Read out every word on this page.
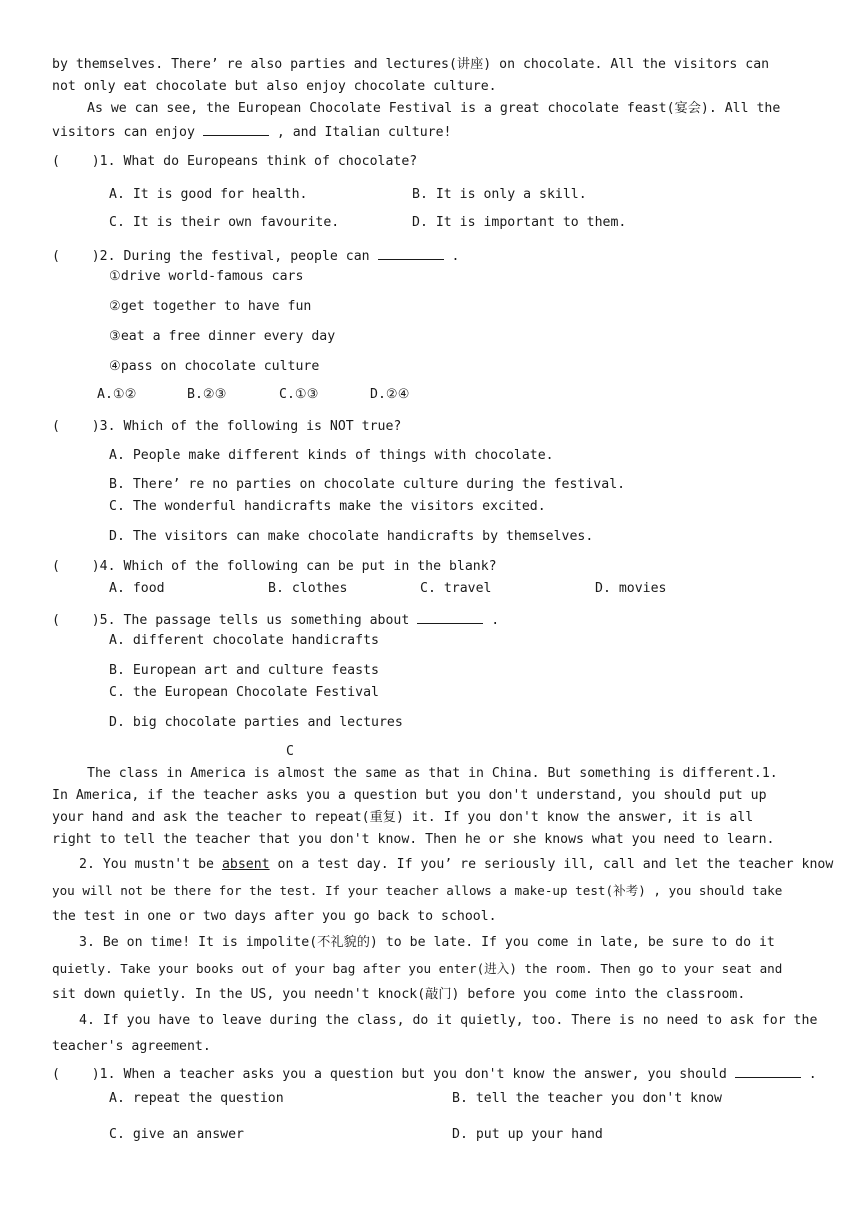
by themselves. There’ re also parties and lectures(讲座) on chocolate. All the visitors can
not only eat chocolate but also enjoy chocolate culture.
As we can see, the European Chocolate Festival is a great chocolate feast(宴会). All the
visitors can enjoy	, and Italian culture!
(    )1. What do Europeans think of chocolate?
A. It is good for health.	B. It is only a skill.
C. It is their own favourite.	D. It is important to them.
(    )2. During the festival, people can	.
①drive world-famous cars
②get together to have fun
③eat a free dinner every day
④pass on chocolate culture
A.①②	B.②③	C.①③	D.②④
(    )3. Which of the following is NOT true?
A. People make different kinds of things with chocolate.
B. There’ re no parties on chocolate culture during the festival.
C. The wonderful handicrafts make the visitors excited.
D. The visitors can make chocolate handicrafts by themselves.
(    )4. Which of the following can be put in the blank?
A. food	B. clothes	C. travel	D. movies
(    )5. The passage tells us something about	.
A. different chocolate handicrafts
B. European art and culture feasts
C. the European Chocolate Festival
D. big chocolate parties and lectures
C
The class in America is almost the same as that in China. But something is different.1.
In America, if the teacher asks you a question but you don't understand, you should put up
your hand and ask the teacher to repeat(重复) it. If you don't know the answer, it is all
right to tell the teacher that you don't know. Then he or she knows what you need to learn.
2. You mustn't be absent on a test day. If you’ re seriously ill, call and let the teacher know
you will not be there for the test. If your teacher allows a make-up test(补考) , you should take
the test in one or two days after you go back to school.
3. Be on time! It is impolite(不礼貌的) to be late. If you come in late, be sure to do it
quietly. Take your books out of your bag after you enter(进入) the room. Then go to your seat and
sit down quietly. In the US, you needn't knock(敲门) before you come into the classroom.
4. If you have to leave during the class, do it quietly, too. There is no need to ask for the
teacher's agreement.
(    )1. When a teacher asks you a question but you don't know the answer, you should	.
A. repeat the question	B. tell the teacher you don't know
C. give an answer	D. put up your hand
